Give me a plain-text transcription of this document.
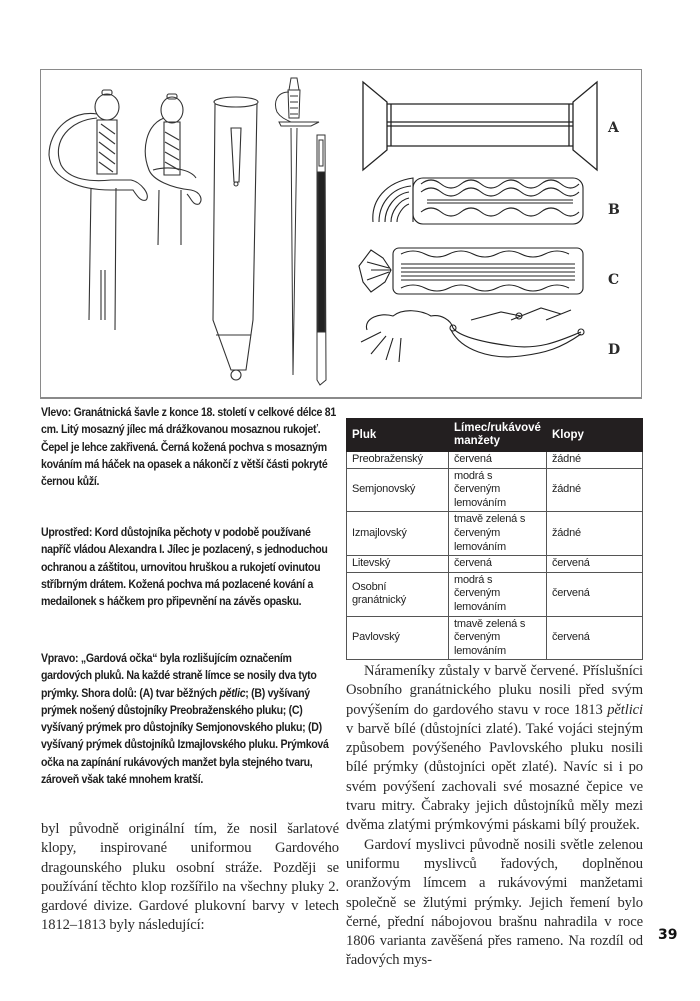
A
B
C
D
Vlevo: Granátnická šavle z konce 18. století v celkové délce 81 cm. Litý mosazný jílec má drážkovanou mosaznou rukojeť. Čepel je lehce zakřivená. Černá kožená pochva s mosazným kováním má háček na opasek a nákončí z větší části pokryté černou kůží.
Uprostřed: Kord důstojníka pěchoty v podobě používané napříč vládou Alexandra I. Jílec je pozlacený, s jednoduchou ochranou a záštitou, urnovitou hruškou a rukojetí ovinutou stříbrným drátem. Kožená pochva má pozlacené kování a medailonek s háčkem pro připevnění na závěs opasku.
Vpravo: „Gardová očka“ byla rozlišujícím označením gardových pluků. Na každé straně límce se nosily dva tyto prýmky. Shora dolů: (A) tvar běžných pětlic; (B) vyšívaný prýmek nošený důstojníky Preobraženského pluku; (C) vyšívaný prýmek pro důstojníky Semjonovského pluku; (D) vyšívaný prýmek důstojníků Izmajlovského pluku. Prýmková očka na zapínání rukávových manžet byla stejného tvaru, zároveň však také mnohem kratší.
Pluk	Límec/rukávové manžety	Klopy
Preobraženský	červená	žádné
Semjonovský	modrá s červeným lemováním	žádné
Izmajlovský	tmavě zelená s červeným lemováním	žádné
Litevský	červená	červená
Osobní granátnický	modrá s červeným lemováním	červená
Pavlovský	tmavě zelená s červeným lemováním	červená

byl původně originální tím, že nosil šarlatové klopy, inspirované uniformou Gardového dragounského pluku osobní stráže. Později se používání těchto klop rozšířilo na všechny pluky 2. gardové divize. Gardové plukovní barvy v letech 1812–1813 byly následující:

Nárameníky zůstaly v barvě červené. Příslušníci Osobního granátnického pluku nosili před svým povýšením do gardového stavu v roce 1813 pětlici v barvě bílé (důstojníci zlaté). Také vojáci stejným způsobem povýšeného Pavlovského pluku nosili bílé prýmky (důstojníci opět zlaté). Navíc si i po svém povýšení zachovali své mosazné čepice ve tvaru mitry. Čabraky jejich důstojníků měly mezi dvěma zlatými prýmkovými páskami bílý proužek.

Gardoví myslivci původně nosili světle zelenou uniformu myslivců řadových, doplněnou oranžovým límcem a rukávovými manžetami společně se žlutými prýmky. Jejich řemení bylo černé, přední nábojovou brašnu nahradila v roce 1806 varianta zavěšená přes rameno. Na rozdíl od řadových mys-

39
